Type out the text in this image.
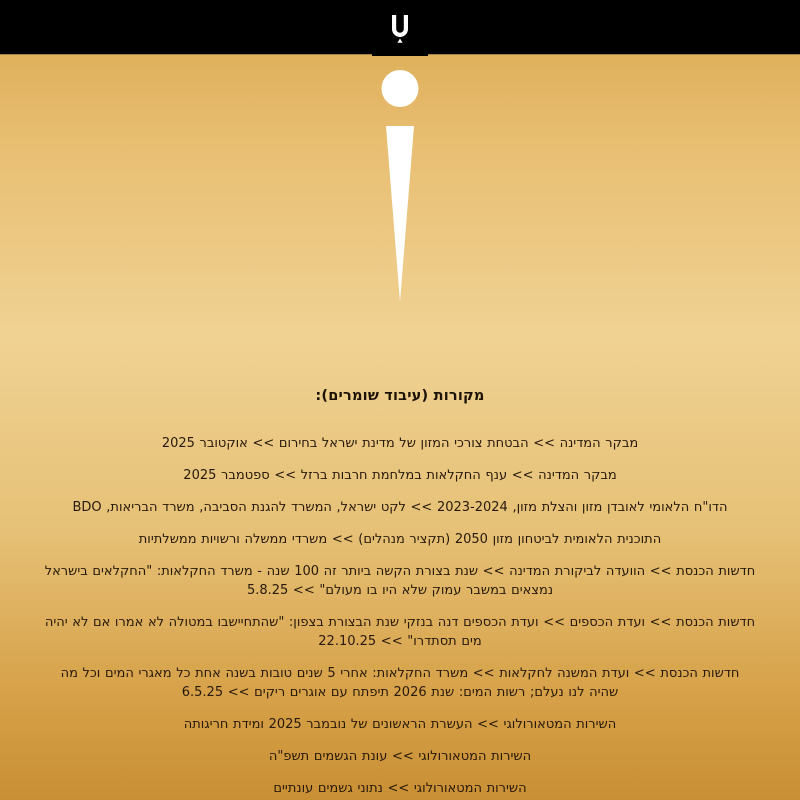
מקורות (עיבוד שומרים):
מבקר המדינה >> הבטחת צורכי המזון של מדינת ישראל בחירום >> אוקטובר 2025
מבקר המדינה >> ענף החקלאות במלחמת חרבות ברזל >> ספטמבר 2025
הדו"ח הלאומי לאובדן מזון והצלת מזון, 2023-2024 >> לקט ישראל, המשרד להגנת הסביבה, משרד הבריאות, BDO
התוכנית הלאומית לביטחון מזון 2050 (תקציר מנהלים) >> משרדי ממשלה ורשויות ממשלתיות
חדשות הכנסת >> הוועדה לביקורת המדינה >> שנת בצורת הקשה ביותר זה 100 שנה - משרד החקלאות: "החקלאים בישראל נמצאים במשבר עמוק שלא היו בו מעולם" >> 5.8.25
חדשות הכנסת >> ועדת הכספים >> ועדת הכספים דנה בנזקי שנת הבצורת בצפון: "שהתחיישבו במטולה לא אמרו אם לא יהיה מים תסתדרו" >> 22.10.25
חדשות הכנסת >> ועדת המשנה לחקלאות >> משרד החקלאות: אחרי 5 שנים טובות בשנה אחת כל מאגרי המים וכל מה שהיה לנו נעלם; רשות המים: שנת 2026 תיפתח עם אוגרים ריקים >> 6.5.25
השירות המטאורולוגי >> העשרת הראשונים של נובמבר 2025 ומידת חריגותה
השירות המטאורולוגי >> עונת הגשמים תשפ"ה
השירות המטאורולוגי >> נתוני גשמים עונתיים
